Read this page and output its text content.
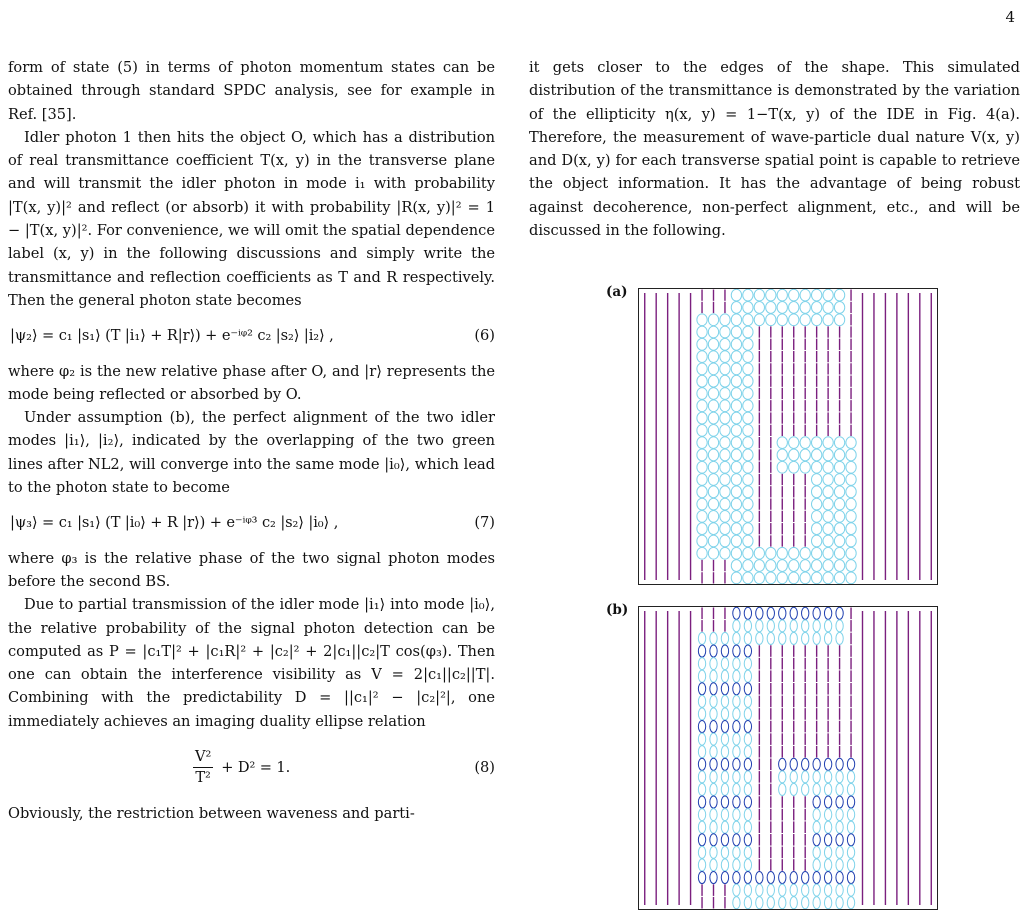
4

form of state (5) in terms of photon momentum states can be obtained through standard SPDC analysis, see for example in Ref. [35].

Idler photon 1 then hits the object O, which has a distribution of real transmittance coefficient T(x, y) in the transverse plane and will transmit the idler photon in mode i₁ with probability |T(x, y)|² and reflect (or absorb) it with probability |R(x, y)|² = 1 − |T(x, y)|². For convenience, we will omit the spatial dependence label (x, y) in the following discussions and simply write the transmittance and reflection coefficients as T and R respectively. Then the general photon state becomes

|ψ₂⟩ = c₁ |s₁⟩ (T |i₁⟩ + R|r⟩) + e⁻ⁱᵠ² c₂ |s₂⟩ |i₂⟩ ,	(6)

where φ₂ is the new relative phase after O, and |r⟩ represents the mode being reflected or absorbed by O.

Under assumption (b), the perfect alignment of the two idler modes |i₁⟩, |i₂⟩, indicated by the overlapping of the two green lines after NL2, will converge into the same mode |i₀⟩, which lead to the photon state to become

|ψ₃⟩ = c₁ |s₁⟩ (T |i₀⟩ + R |r⟩) + e⁻ⁱᵠ³ c₂ |s₂⟩ |i₀⟩ ,	(7)

where φ₃ is the relative phase of the two signal photon modes before the second BS.

Due to partial transmission of the idler mode |i₁⟩ into mode |i₀⟩, the relative probability of the signal photon detection can be computed as P = |c₁T|² + |c₁R|² + |c₂|² + 2|c₁||c₂|T cos(φ₃). Then one can obtain the interference visibility as V = 2|c₁||c₂||T|. Combining with the predictability D = ||c₁|² − |c₂|²|, one immediately achieves an imaging duality ellipse relation

$\frac{\text{V²}}{\text{T²}} + D^2 = 1$.	(8)

Obviously, the restriction between waveness and parti-

it gets closer to the edges of the shape. This simulated distribution of the transmittance is demonstrated by the variation of the ellipticity η(x, y) = 1−T(x, y) of the IDE in Fig. 4(a). Therefore, the measurement of wave-particle dual nature V(x, y) and D(x, y) for each transverse spatial point is capable to retrieve the object information. It has the advantage of being robust against decoherence, non-perfect alignment, etc., and will be discussed in the following.

(a)
(b)
